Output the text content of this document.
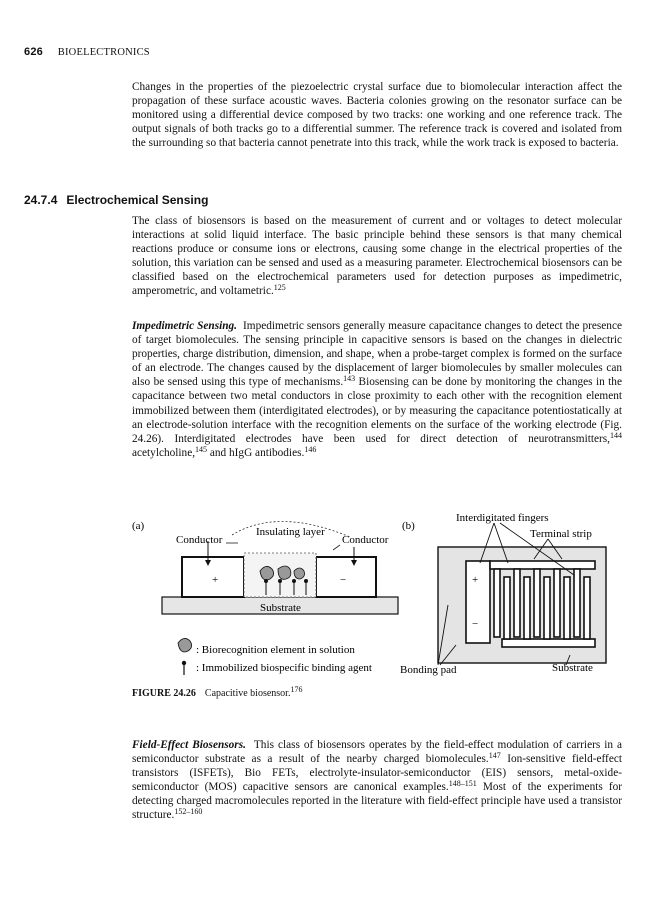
626 BIOELECTRONICS

Changes in the properties of the piezoelectric crystal surface due to biomolecular interaction affect the propagation of these surface acoustic waves. Bacteria colonies growing on the resonator surface can be monitored using a differential device composed by two tracks: one working and one reference track. The output signals of both tracks go to a differential summer. The reference track is covered and isolated from the surrounding so that bacteria cannot penetrate into this track, while the work track is exposed to bacteria.

24.7.4 Electrochemical Sensing

The class of biosensors is based on the measurement of current and or voltages to detect molecular interactions at solid liquid interface. The basic principle behind these sensors is that many chemical reactions produce or consume ions or electrons, causing some change in the electrical properties of the solution, this variation can be sensed and used as a measuring parameter. Electrochemical biosensors can be classified based on the electrochemical parameters used for detection purposes as impedimetric, amperometric, and voltametric.$^{125}$

Impedimetric Sensing. Impedimetric sensors generally measure capacitance changes to detect the presence of target biomolecules. The sensing principle in capacitive sensors is based on the changes in dielectric properties, charge distribution, dimension, and shape, when a probe-target complex is formed on the surface of an electrode. The changes caused by the displacement of larger biomolecules by smaller molecules can also be sensed using this type of mechanisms.$^{143}$ Biosensing can be done by monitoring the changes in the capacitance between two metal conductors in close proximity to each other with the recognition element immobilized between them (interdigitated electrodes), or by measuring the capacitance potentiostatically at an electrode-solution interface with the recognition elements on the surface of the working electrode (Fig. 24.26). Interdigitated electrodes have been used for direct detection of neurotransmitters,$^{144}$ acetylcholine,$^{145}$ and hIgG antibodies.$^{146}$

(a)
Conductor
Insulating layer
Conductor
Substrate
+	−
: Biorecognition element in solution
: Immobilized biospecific binding agent
(b)
Interdigitated fingers
Terminal strip
+
−
Bonding pad	Substrate
FIGURE 24.26 Capacitive biosensor.$^{176}$

Field-Effect Biosensors. This class of biosensors operates by the field-effect modulation of carriers in a semiconductor substrate as a result of the nearby charged biomolecules.$^{147}$ Ion-sensitive field-effect transistors (ISFETs), Bio FETs, electrolyte-insulator-semiconductor (EIS) sensors, metal-oxide-semiconductor (MOS) capacitive sensors are canonical examples.$^{148-151}$ Most of the experiments for detecting charged macromolecules reported in the literature with field-effect principle have used a transistor structure.$^{152-160}$
